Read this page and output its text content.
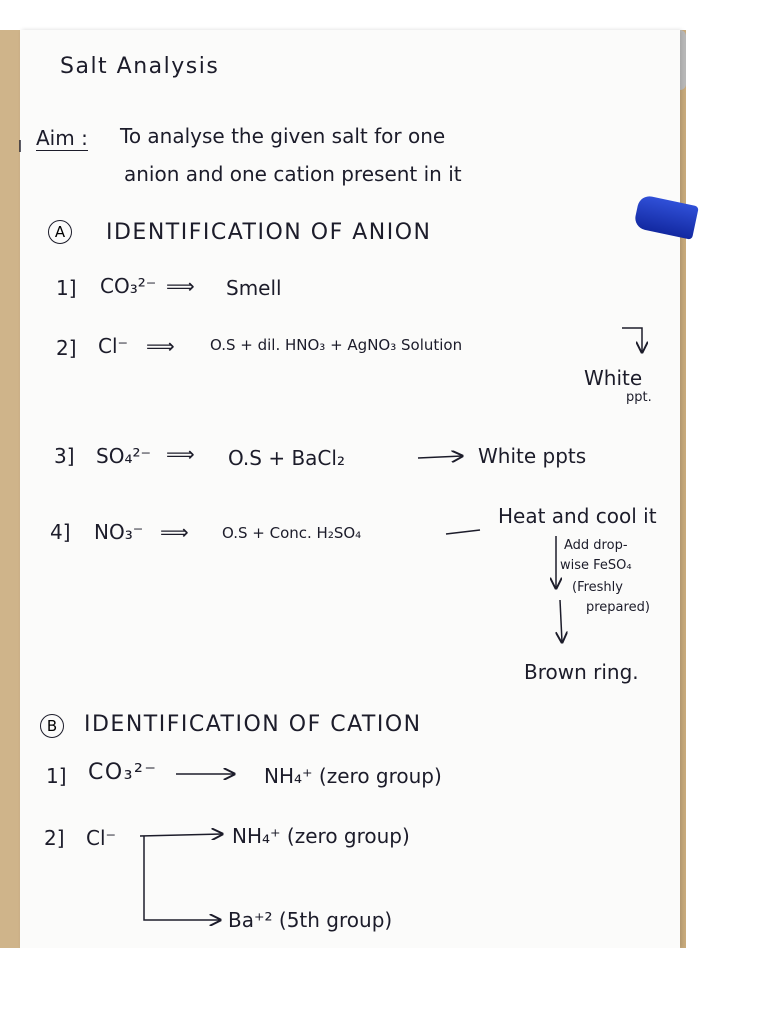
Salt Analysis
Aim : To analyse the given salt for one
anion and one cation present in it
A	IDENTIFICATION OF ANION
1] CO₃²⁻ ⟹ Smell
2] Cl⁻ ⟹ O.S + dil. HNO₃ + AgNO₃ Solution
White
ppt.
3] SO₄²⁻ ⟹ O.S + BaCl₂	White ppts
4] NO₃⁻ ⟹ O.S + Conc. H₂SO₄
Heat and cool it
Add drop-
wise FeSO₄
(Freshly
prepared)
Brown ring.
B	IDENTIFICATION OF CATION
1] CO₃²⁻	NH₄⁺ (zero group)
2] Cl⁻	NH₄⁺ (zero group)
Ba⁺² (5th group)
